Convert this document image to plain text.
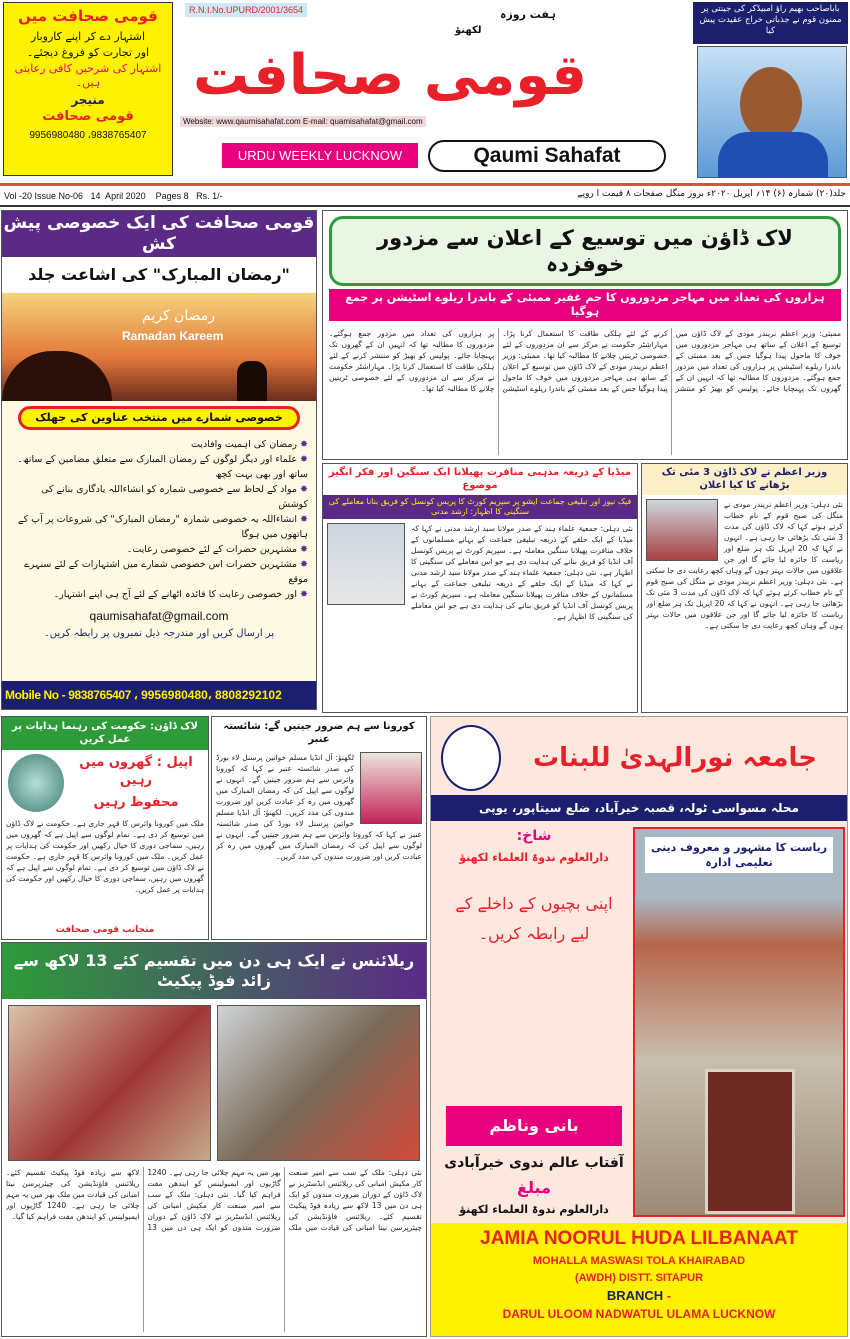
قومی صحافت میں
اشتہار دے کر اپنے کاروبار
اور تجارت کو فروغ دیجئے۔
اشتہار کی شرحیں کافی رعایتی ہیں۔
منیجر
قومی صحافت
9956980480 ،9838765407
R.N.I.No.UPURD/2001/3654	ہفت روزہ
لکھنؤ
قومی صحافت
Website: www.qaumisahafat.com E-mail: quamisahafat@gmail.com
URDU WEEKLY LUCKNOW	Qaumi Sahafat
باباصاحب بھیم راؤ امبیڈکر کی جینتی پر ممنون قوم نے جذباتی خراج عقیدت پیش کیا
Vol -20 Issue No-06   14  April 2020    Pages 8   Rs. 1/-	جلد(۲۰) شمارہ (۶) ۱۴؍ اپریل ۲۰۲۰ء بروز منگل صفحات ۸ قیمت ا روپے
قومی صحافت کی ایک خصوصی پیش کش
"رمضان المبارک" کی اشاعت جلد
رمضان کریم
Ramadan Kareem
خصوصی شمارے میں منتخب عناوین کی جھلک
✸ رمضان کی اہمیت وافادیت
✸ علماء اور دیگر لوگوں کے رمضان المبارک سے متعلق مضامین کے ساتھ۔ ساتھ اور بھی بہت کچھ
✸ مواد کے لحاظ سے خصوصی شمارہ کو انشاءاللہ یادگاری بنانے کی کوشش
✸ انشاءاللہ یہ خصوصی شمارہ "رمضان المبارک" کی شروعات پر آپ کے ہاتھوں میں ہوگا
✸ مشتہرین حضرات کے لئے خصوصی رعایت۔
✸ مشتہرین حضرات اس خصوصی شمارے میں اشتہارات کے لئے سنہرے موقع
✸ اور خصوصی رعایت کا فائدہ اٹھانے کے لئے آج ہی اپنے اشتہار۔
qaumisahafat@gmail.com
پر ارسال کریں اور مندرجہ ذیل نمبروں پر رابطہ کریں۔
Mobile No - 9838765407 ، 9956980480، 8808292102
لاک ڈاؤن میں توسیع کے اعلان سے مزدور خوفزدہ
ہزاروں کی تعداد میں مہاجر مزدوروں کا جم غفیر ممبئی کے باندرا ریلوے اسٹیشن پر جمع ہوگیا
ممبئی: وزیر اعظم نریندر مودی کے لاک ڈاؤن میں توسیع کے اعلان کے ساتھ ہی مہاجر مزدوروں میں خوف کا ماحول پیدا ہوگیا جس کے بعد ممبئی کے باندرا ریلوے اسٹیشن پر ہزاروں کی تعداد میں مزدور جمع ہوگئے۔ مزدوروں کا مطالبہ تھا کہ انہیں ان کے گھروں تک پہنچایا جائے۔ پولیس کو بھیڑ کو منتشر کرنے کے لئے ہلکی طاقت کا استعمال کرنا پڑا۔ مہاراشٹر حکومت نے مرکز سے ان مزدوروں کے لئے خصوصی ٹرینیں چلانے کا مطالبہ کیا تھا۔ ممبئی: وزیر اعظم نریندر مودی کے لاک ڈاؤن میں توسیع کے اعلان کے ساتھ ہی مہاجر مزدوروں میں خوف کا ماحول پیدا ہوگیا جس کے بعد ممبئی کے باندرا ریلوے اسٹیشن پر ہزاروں کی تعداد میں مزدور جمع ہوگئے۔ مزدوروں کا مطالبہ تھا کہ انہیں ان کے گھروں تک پہنچایا جائے۔ پولیس کو بھیڑ کو منتشر کرنے کے لئے ہلکی طاقت کا استعمال کرنا پڑا۔ مہاراشٹر حکومت نے مرکز سے ان مزدوروں کے لئے خصوصی ٹرینیں چلانے کا مطالبہ کیا تھا۔
میڈیا کے ذریعہ مذہبی منافرت پھیلانا ایک سنگین اور فکر انگیز موضوع
فیک نیوز اور تبلیغی جماعت ایشو پر سپریم کورٹ کا پریس کونسل کو فریق بنانا معاملے کی سنگینی کا اظہار: ارشد مدنی
نئی دہلی: جمعیۃ علماء ہند کے صدر مولانا سید ارشد مدنی نے کہا کہ میڈیا کے ایک حلقے کے ذریعہ تبلیغی جماعت کے بہانے مسلمانوں کے خلاف منافرت پھیلانا سنگین معاملہ ہے۔ سپریم کورٹ نے پریس کونسل آف انڈیا کو فریق بنانے کی ہدایت دی ہے جو اس معاملے کی سنگینی کا اظہار ہے۔ نئی دہلی: جمعیۃ علماء ہند کے صدر مولانا سید ارشد مدنی نے کہا کہ میڈیا کے ایک حلقے کے ذریعہ تبلیغی جماعت کے بہانے مسلمانوں کے خلاف منافرت پھیلانا سنگین معاملہ ہے۔ سپریم کورٹ نے پریس کونسل آف انڈیا کو فریق بنانے کی ہدایت دی ہے جو اس معاملے کی سنگینی کا اظہار ہے۔
وزیر اعظم نے لاک ڈاؤن 3 مئی تک بڑھانے کا کیا اعلان
نئی دہلی: وزیر اعظم نریندر مودی نے منگل کی صبح قوم کے نام خطاب کرتے ہوئے کہا کہ لاک ڈاؤن کی مدت 3 مئی تک بڑھائی جا رہی ہے۔ انہوں نے کہا کہ 20 اپریل تک ہر ضلع اور ریاست کا جائزہ لیا جائے گا اور جن علاقوں میں حالات بہتر ہوں گے وہاں کچھ رعایت دی جا سکتی ہے۔ نئی دہلی: وزیر اعظم نریندر مودی نے منگل کی صبح قوم کے نام خطاب کرتے ہوئے کہا کہ لاک ڈاؤن کی مدت 3 مئی تک بڑھائی جا رہی ہے۔ انہوں نے کہا کہ 20 اپریل تک ہر ضلع اور ریاست کا جائزہ لیا جائے گا اور جن علاقوں میں حالات بہتر ہوں گے وہاں کچھ رعایت دی جا سکتی ہے۔
لاک ڈاؤن: حکومت کی رہنما ہدایات پر عمل کریں
اپیل : گھروں میں رہیں
محفوظ رہیں
ملک میں کورونا وائرس کا قہر جاری ہے۔ حکومت نے لاک ڈاؤن میں توسیع کر دی ہے۔ تمام لوگوں سے اپیل ہے کہ گھروں میں رہیں، سماجی دوری کا خیال رکھیں اور حکومت کی ہدایات پر عمل کریں۔ ملک میں کورونا وائرس کا قہر جاری ہے۔ حکومت نے لاک ڈاؤن میں توسیع کر دی ہے۔ تمام لوگوں سے اپیل ہے کہ گھروں میں رہیں، سماجی دوری کا خیال رکھیں اور حکومت کی ہدایات پر عمل کریں۔
منجانب قومی صحافت
کورونا سے ہم ضرور جیتیں گے: شائستہ عنبر
لکھنؤ: آل انڈیا مسلم خواتین پرسنل لاء بورڈ کی صدر شائستہ عنبر نے کہا کہ کورونا وائرس سے ہم ضرور جیتیں گے۔ انہوں نے لوگوں سے اپیل کی کہ رمضان المبارک میں گھروں میں رہ کر عبادت کریں اور ضرورت مندوں کی مدد کریں۔ لکھنؤ: آل انڈیا مسلم خواتین پرسنل لاء بورڈ کی صدر شائستہ عنبر نے کہا کہ کورونا وائرس سے ہم ضرور جیتیں گے۔ انہوں نے لوگوں سے اپیل کی کہ رمضان المبارک میں گھروں میں رہ کر عبادت کریں اور ضرورت مندوں کی مدد کریں۔
ریلائنس نے ایک ہی دن میں تقسیم کئے 13 لاکھ سے زائد فوڈ پیکیٹ
نئی دہلی: ملک کے سب سے امیر صنعت کار مکیش امبانی کی ریلائنس انڈسٹریز نے لاک ڈاؤن کے دوران ضرورت مندوں کو ایک ہی دن میں 13 لاکھ سے زیادہ فوڈ پیکیٹ تقسیم کئے۔ ریلائنس فاؤنڈیشن کی چیئرپرسن نیتا امبانی کی قیادت میں ملک بھر میں یہ مہم چلائی جا رہی ہے۔ 1240 گاڑیوں اور ایمبولینس کو ایندھن مفت فراہم کیا گیا۔ نئی دہلی: ملک کے سب سے امیر صنعت کار مکیش امبانی کی ریلائنس انڈسٹریز نے لاک ڈاؤن کے دوران ضرورت مندوں کو ایک ہی دن میں 13 لاکھ سے زیادہ فوڈ پیکیٹ تقسیم کئے۔ ریلائنس فاؤنڈیشن کی چیئرپرسن نیتا امبانی کی قیادت میں ملک بھر میں یہ مہم چلائی جا رہی ہے۔ 1240 گاڑیوں اور ایمبولینس کو ایندھن مفت فراہم کیا گیا۔
جامعہ نورالہدیٰ للبنات
محلہ مسواسی ٹولہ، قصبہ خیرآباد، ضلع سیتاپور، یوپی
شاخ:
دارالعلوم ندوۃ العلماء لکھنؤ
اپنی بچیوں کے داخلے کے لیے رابطہ کریں۔
بانی وناظم
آفتاب عالم ندوی خیرآبادی
مبلغ
دارالعلوم ندوۃ العلماء لکھنؤ
ریاست کا مشہور و معروف دینی تعلیمی ادارہ
JAMIA NOORUL HUDA LILBANAAT
MOHALLA MASWASI TOLA KHAIRABAD
(AWDH) DISTT. SITAPUR
BRANCH -
DARUL ULOOM NADWATUL ULAMA LUCKNOW
